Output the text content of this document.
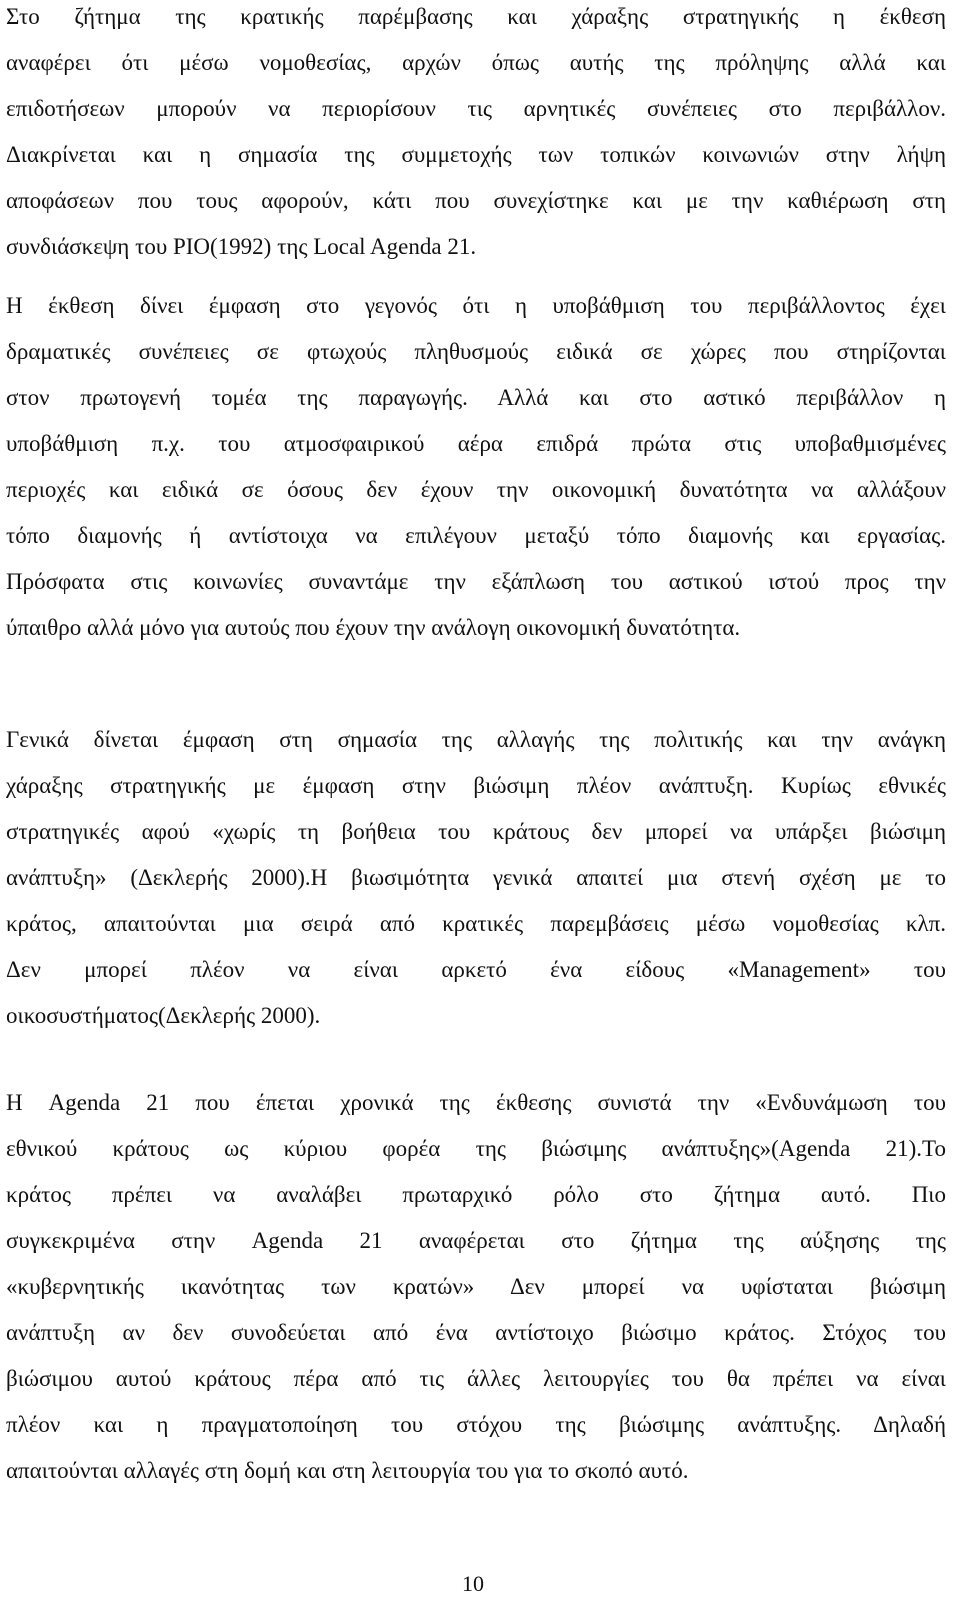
Στο ζήτημα της κρατικής παρέμβασης και χάραξης στρατηγικής η έκθεση
αναφέρει ότι μέσω νομοθεσίας, αρχών όπως αυτής της πρόληψης αλλά και
επιδοτήσεων μπορούν να περιορίσουν τις αρνητικές συνέπειες στο περιβάλλον.
Διακρίνεται και η σημασία της συμμετοχής των τοπικών κοινωνιών στην λήψη
αποφάσεων που τους αφορούν, κάτι που συνεχίστηκε και με την καθιέρωση στη
συνδιάσκεψη του ΡΙΟ(1992) της Local Agenda 21.
Η έκθεση δίνει έμφαση στο γεγονός ότι η υποβάθμιση του περιβάλλοντος έχει
δραματικές συνέπειες σε φτωχούς πληθυσμούς ειδικά σε χώρες που στηρίζονται
στον πρωτογενή τομέα της παραγωγής. Αλλά και στο αστικό περιβάλλον η
υποβάθμιση π.χ. του ατμοσφαιρικού αέρα επιδρά πρώτα στις υποβαθμισμένες
περιοχές και ειδικά σε όσους δεν έχουν την οικονομική δυνατότητα να αλλάξουν
τόπο διαμονής ή αντίστοιχα να επιλέγουν μεταξύ τόπο διαμονής και εργασίας.
Πρόσφατα στις κοινωνίες συναντάμε την εξάπλωση του αστικού ιστού προς την
ύπαιθρο αλλά μόνο για αυτούς που έχουν την ανάλογη οικονομική δυνατότητα.
Γενικά δίνεται έμφαση στη σημασία της αλλαγής της πολιτικής και την ανάγκη
χάραξης στρατηγικής με έμφαση στην βιώσιμη πλέον ανάπτυξη. Κυρίως εθνικές
στρατηγικές αφού «χωρίς τη βοήθεια του κράτους δεν μπορεί να υπάρξει βιώσιμη
ανάπτυξη» (Δεκλερής 2000).Η βιωσιμότητα γενικά απαιτεί μια στενή σχέση με το
κράτος, απαιτούνται μια σειρά από κρατικές παρεμβάσεις μέσω νομοθεσίας κλπ.
Δεν μπορεί πλέον να είναι αρκετό ένα είδους «Management» του
οικοσυστήματος(Δεκλερής 2000).
Η Agenda 21 που έπεται χρονικά της έκθεσης συνιστά την «Ενδυνάμωση του
εθνικού κράτους ως κύριου φορέα της βιώσιμης ανάπτυξης»(Agenda 21).Το
κράτος πρέπει να αναλάβει πρωταρχικό ρόλο στο ζήτημα αυτό. Πιο
συγκεκριμένα στην Agenda 21 αναφέρεται στο ζήτημα της αύξησης της
«κυβερνητικής ικανότητας των κρατών» Δεν μπορεί να υφίσταται βιώσιμη
ανάπτυξη αν δεν συνοδεύεται από ένα αντίστοιχο βιώσιμο κράτος. Στόχος του
βιώσιμου αυτού κράτους πέρα από τις άλλες λειτουργίες του θα πρέπει να είναι
πλέον και η πραγματοποίηση του στόχου της βιώσιμης ανάπτυξης. Δηλαδή
απαιτούνται αλλαγές στη δομή και στη λειτουργία του για το σκοπό αυτό.
10
